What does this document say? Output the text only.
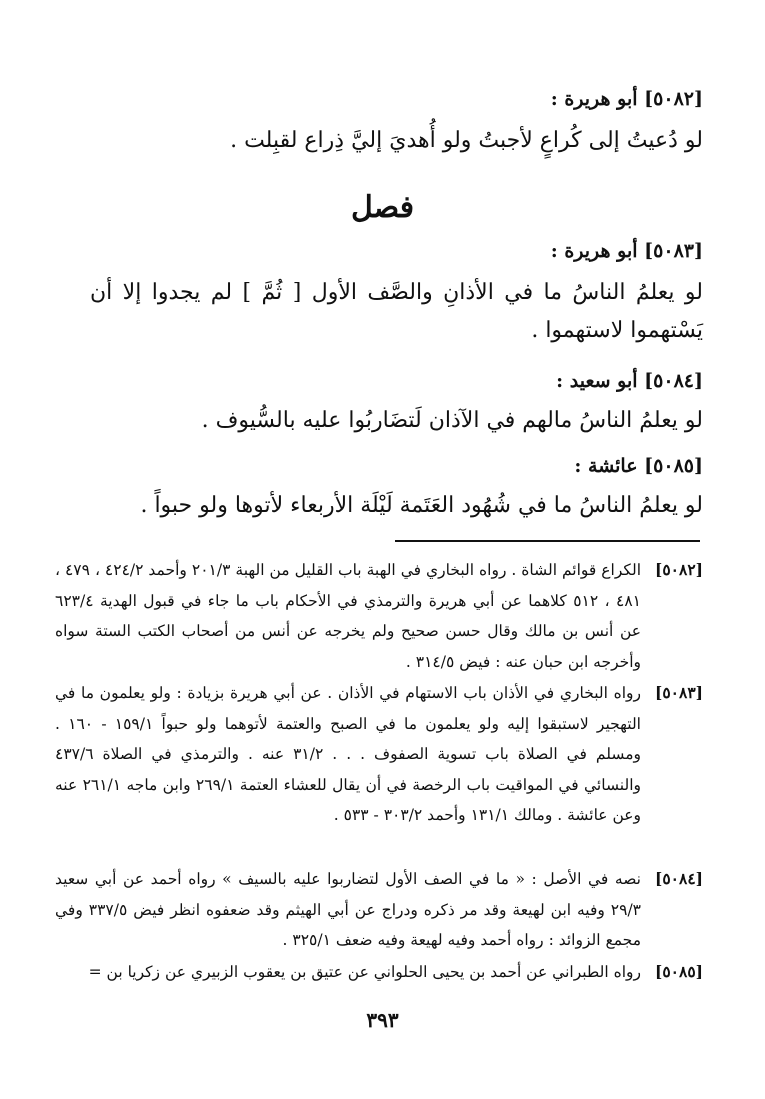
[٥٠٨٢] أبو هريرة :
لو دُعيتُ إلى كُراعٍ لأجبتُ ولو أُهديَ إليَّ ذِراع لقبِلت .
فصل
[٥٠٨٣] أبو هريرة :
لو يعلمُ الناسُ ما في الأذانِ والصَّف الأول [ ثُمَّ ] لم يجدوا إلا أن يَسْتهموا لاستهموا .
[٥٠٨٤] أبو سعيد :
لو يعلمُ الناسُ مالهم في الآذان لَتضَاربُوا عليه بالسُّيوف .
[٥٠٨٥] عائشة :
لو يعلمُ الناسُ ما في شُهُود العَتَمة لَيْلَة الأربعاء لأتوها ولو حبواً .
[٥٠٨٢]
الكراع قوائم الشاة . رواه البخاري في الهبة باب القليل من الهبة ٢٠١/٣ وأحمد ٤٢٤/٢ ، ٤٧٩ ، ٤٨١ ، ٥١٢ كلاهما عن أبي هريرة والترمذي في الأحكام باب ما جاء في قبول الهدية ٦٢٣/٤ عن أنس بن مالك وقال حسن صحيح ولم يخرجه عن أنس من أصحاب الكتب الستة سواه وأخرجه ابن حبان عنه : فيض ٣١٤/٥ .
[٥٠٨٣]
رواه البخاري في الأذان باب الاستهام في الأذان . عن أبي هريرة بزيادة : ولو يعلمون ما في التهجير لاستبقوا إليه ولو يعلمون ما في الصبح والعتمة لأتوهما ولو حبواً ١٥٩/١ - ١٦٠ . ومسلم في الصلاة باب تسوية الصفوف . . . ٣١/٢ عنه . والترمذي في الصلاة ٤٣٧/٦ والنسائي في المواقيت باب الرخصة في أن يقال للعشاء العتمة ٢٦٩/١ وابن ماجه ٢٦١/١ عنه وعن عائشة . ومالك ١٣١/١ وأحمد ٣٠٣/٢ - ٥٣٣ .
[٥٠٨٤]
نصه في الأصل : « ما في الصف الأول لتضاربوا عليه بالسيف » رواه أحمد عن أبي سعيد ٢٩/٣ وفيه ابن لهيعة وقد مر ذكره ودراج عن أبي الهيثم وقد ضعفوه انظر فيض ٣٣٧/٥ وفي مجمع الزوائد : رواه أحمد وفيه لهيعة وفيه ضعف ٣٢٥/١ .
[٥٠٨٥]
رواه الطبراني عن أحمد بن يحيى الحلواني عن عتيق بن يعقوب الزبيري عن زكريا بن =
٣٩٣
